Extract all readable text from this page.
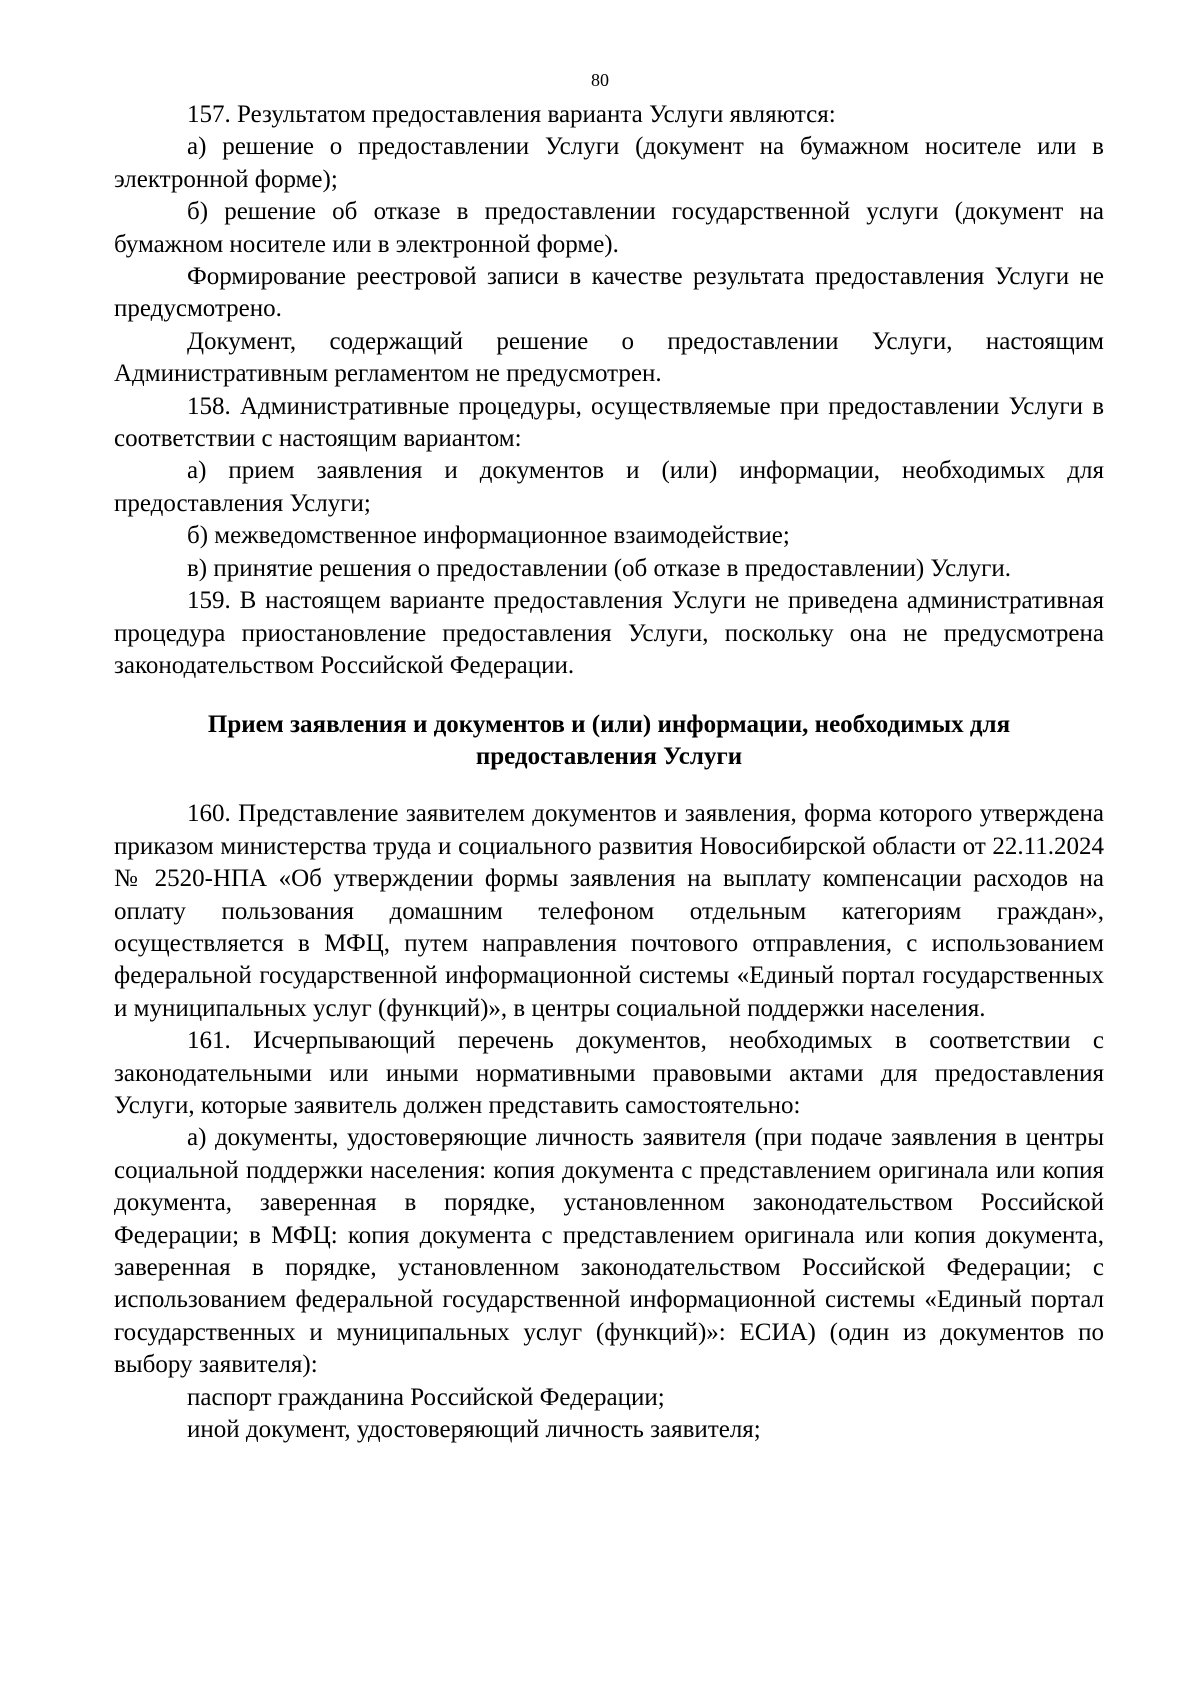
80

157. Результатом предоставления варианта Услуги являются:

а) решение о предоставлении Услуги (документ на бумажном носителе или в электронной форме);

б) решение об отказе в предоставлении государственной услуги (документ на бумажном носителе или в электронной форме).

Формирование реестровой записи в качестве результата предоставления Услуги не предусмотрено.

Документ, содержащий решение о предоставлении Услуги, настоящим Административным регламентом не предусмотрен.

158. Административные процедуры, осуществляемые при предоставлении Услуги в соответствии с настоящим вариантом:

а) прием заявления и документов и (или) информации, необходимых для предоставления Услуги;

б) межведомственное информационное взаимодействие;

в) принятие решения о предоставлении (об отказе в предоставлении) Услуги.

159. В настоящем варианте предоставления Услуги не приведена административная процедура приостановление предоставления Услуги, поскольку она не предусмотрена законодательством Российской Федерации.

Прием заявления и документов и (или) информации, необходимых для
предоставления Услуги

160. Представление заявителем документов и заявления, форма которого утверждена приказом министерства труда и социального развития Новосибирской области от 22.11.2024 № 2520-НПА «Об утверждении формы заявления на выплату компенсации расходов на оплату пользования домашним телефоном отдельным категориям граждан», осуществляется в МФЦ, путем направления почтового отправления, с использованием федеральной государственной информационной системы «Единый портал государственных и муниципальных услуг (функций)», в центры социальной поддержки населения.

161. Исчерпывающий перечень документов, необходимых в соответствии с законодательными или иными нормативными правовыми актами для предоставления Услуги, которые заявитель должен представить самостоятельно:

а) документы, удостоверяющие личность заявителя (при подаче заявления в центры социальной поддержки населения: копия документа с представлением оригинала или копия документа, заверенная в порядке, установленном законодательством Российской Федерации; в МФЦ: копия документа с представлением оригинала или копия документа, заверенная в порядке, установленном законодательством Российской Федерации; с использованием федеральной государственной информационной системы «Единый портал государственных и муниципальных услуг (функций)»: ЕСИА) (один из документов по выбору заявителя):

паспорт гражданина Российской Федерации;

иной документ, удостоверяющий личность заявителя;
